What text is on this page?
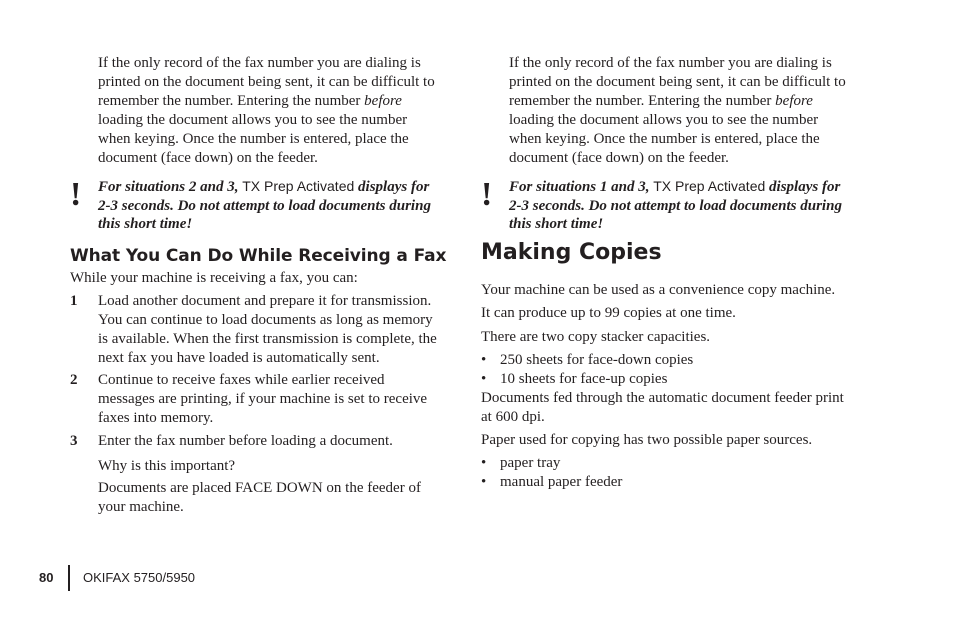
If the only record of the fax number you are dialing is

printed on the document being sent, it can be difficult to

remember the number. Entering the number before

loading the document allows you to see the number

when keying. Once the number is entered, place the

document (face down) on the feeder.

! For situations 2 and 3, TX Prep Activated displays for

2-3 seconds. Do not attempt to load documents during

this short time!

What You Can Do While Receiving a Fax

While your machine is receiving a fax, you can:

1 Load another document and prepare it for transmission.

You can continue to load documents as long as memory

is available. When the first transmission is complete, the

next fax you have loaded is automatically sent.

2 Continue to receive faxes while earlier received

messages are printing, if your machine is set to receive

faxes into memory.

3 Enter the fax number before loading a document.

Why is this important?

Documents are placed FACE DOWN on the feeder of

your machine.

If the only record of the fax number you are dialing is

printed on the document being sent, it can be difficult to

remember the number. Entering the number before

loading the document allows you to see the number

when keying. Once the number is entered, place the

document (face down) on the feeder.

! For situations 1 and 3, TX Prep Activated displays for

2-3 seconds. Do not attempt to load documents during

this short time!

Making Copies

Your machine can be used as a convenience copy machine.

It can produce up to 99 copies at one time.

There are two copy stacker capacities.

• 250 sheets for face-down copies

• 10 sheets for face-up copies

Documents fed through the automatic document feeder print

at 600 dpi.

Paper used for copying has two possible paper sources.

• paper tray

• manual paper feeder

80 OKIFAX 5750/5950
